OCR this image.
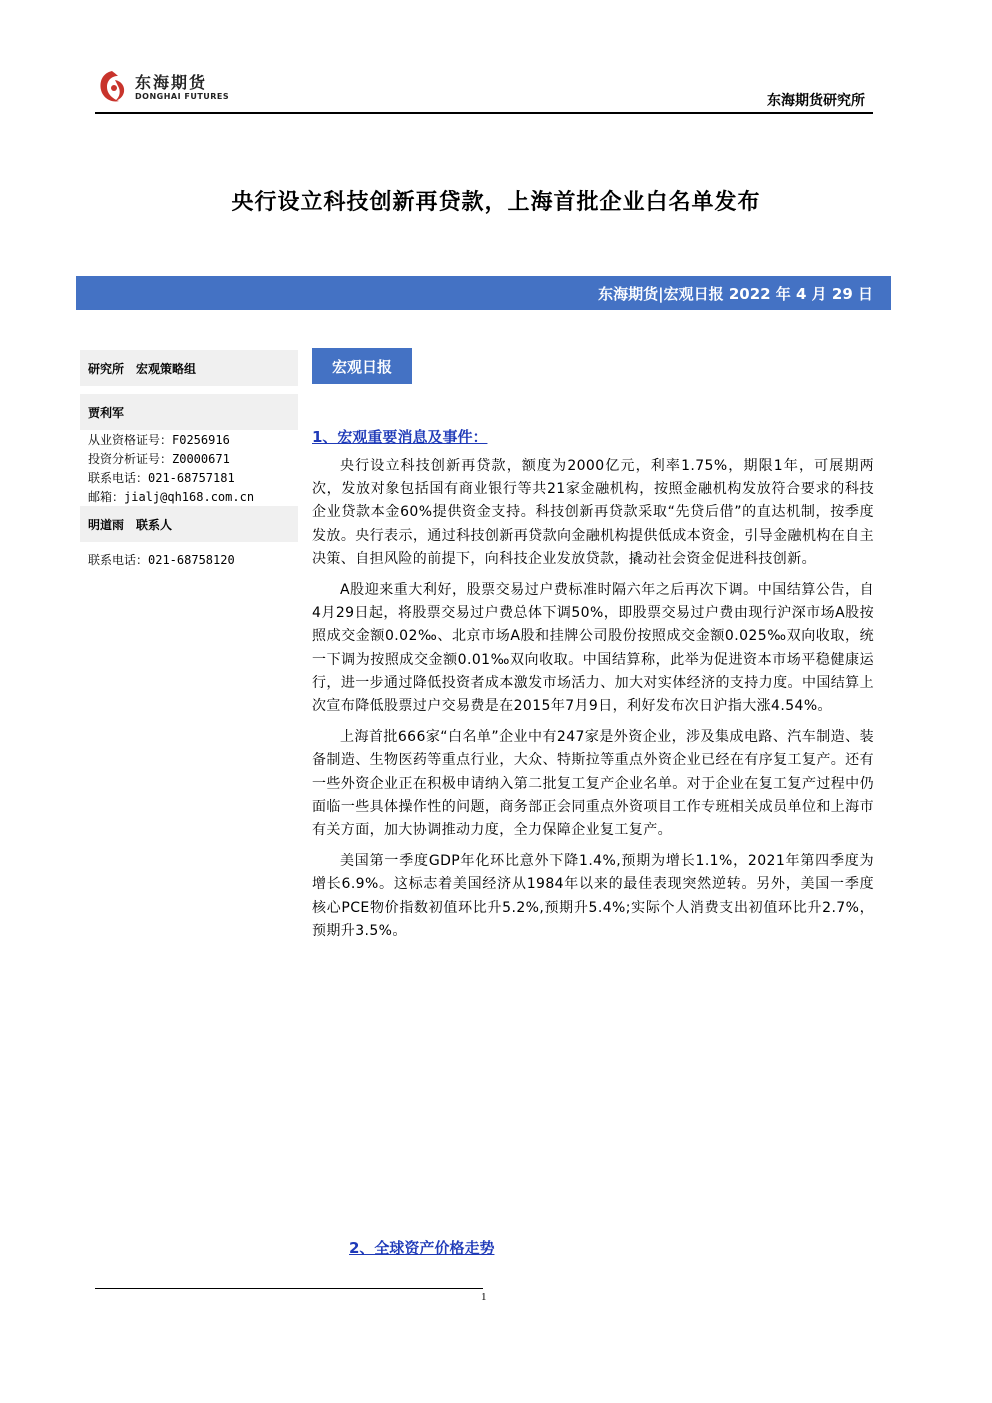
东海期货
DONGHAI FUTURES	东海期货研究所
央行设立科技创新再贷款，上海首批企业白名单发布
东海期货|宏观日报 2022 年 4 月 29 日
研究所　宏观策略组
贾利军
从业资格证号：F0256916
投资分析证号：Z0000671
联系电话：021-68757181
邮箱：jialj@qh168.com.cn
明道雨　联系人
联系电话：021-68758120
宏观日报
1、宏观重要消息及事件：

央行设立科技创新再贷款，额度为2000亿元，利率1.75%，期限1年，可展期两次，发放对象包括国有商业银行等共21家金融机构，按照金融机构发放符合要求的科技企业贷款本金60%提供资金支持。科技创新再贷款采取“先贷后借”的直达机制，按季度发放。央行表示，通过科技创新再贷款向金融机构提供低成本资金，引导金融机构在自主决策、自担风险的前提下，向科技企业发放贷款，撬动社会资金促进科技创新。

A股迎来重大利好，股票交易过户费标准时隔六年之后再次下调。中国结算公告，自4月29日起，将股票交易过户费总体下调50%，即股票交易过户费由现行沪深市场A股按照成交金额0.02‰、北京市场A股和挂牌公司股份按照成交金额0.025‰双向收取，统一下调为按照成交金额0.01‰双向收取。中国结算称，此举为促进资本市场平稳健康运行，进一步通过降低投资者成本激发市场活力、加大对实体经济的支持力度。中国结算上次宣布降低股票过户交易费是在2015年7月9日，利好发布次日沪指大涨4.54%。

上海首批666家“白名单”企业中有247家是外资企业，涉及集成电路、汽车制造、装备制造、生物医药等重点行业，大众、特斯拉等重点外资企业已经在有序复工复产。还有一些外资企业正在积极申请纳入第二批复工复产企业名单。对于企业在复工复产过程中仍面临一些具体操作性的问题，商务部正会同重点外资项目工作专班相关成员单位和上海市有关方面，加大协调推动力度，全力保障企业复工复产。

美国第一季度GDP年化环比意外下降1.4%,预期为增长1.1%，2021年第四季度为增长6.9%。这标志着美国经济从1984年以来的最佳表现突然逆转。另外，美国一季度核心PCE物价指数初值环比升5.2%,预期升5.4%;实际个人消费支出初值环比升2.7%，预期升3.5%。

2、全球资产价格走势
1
